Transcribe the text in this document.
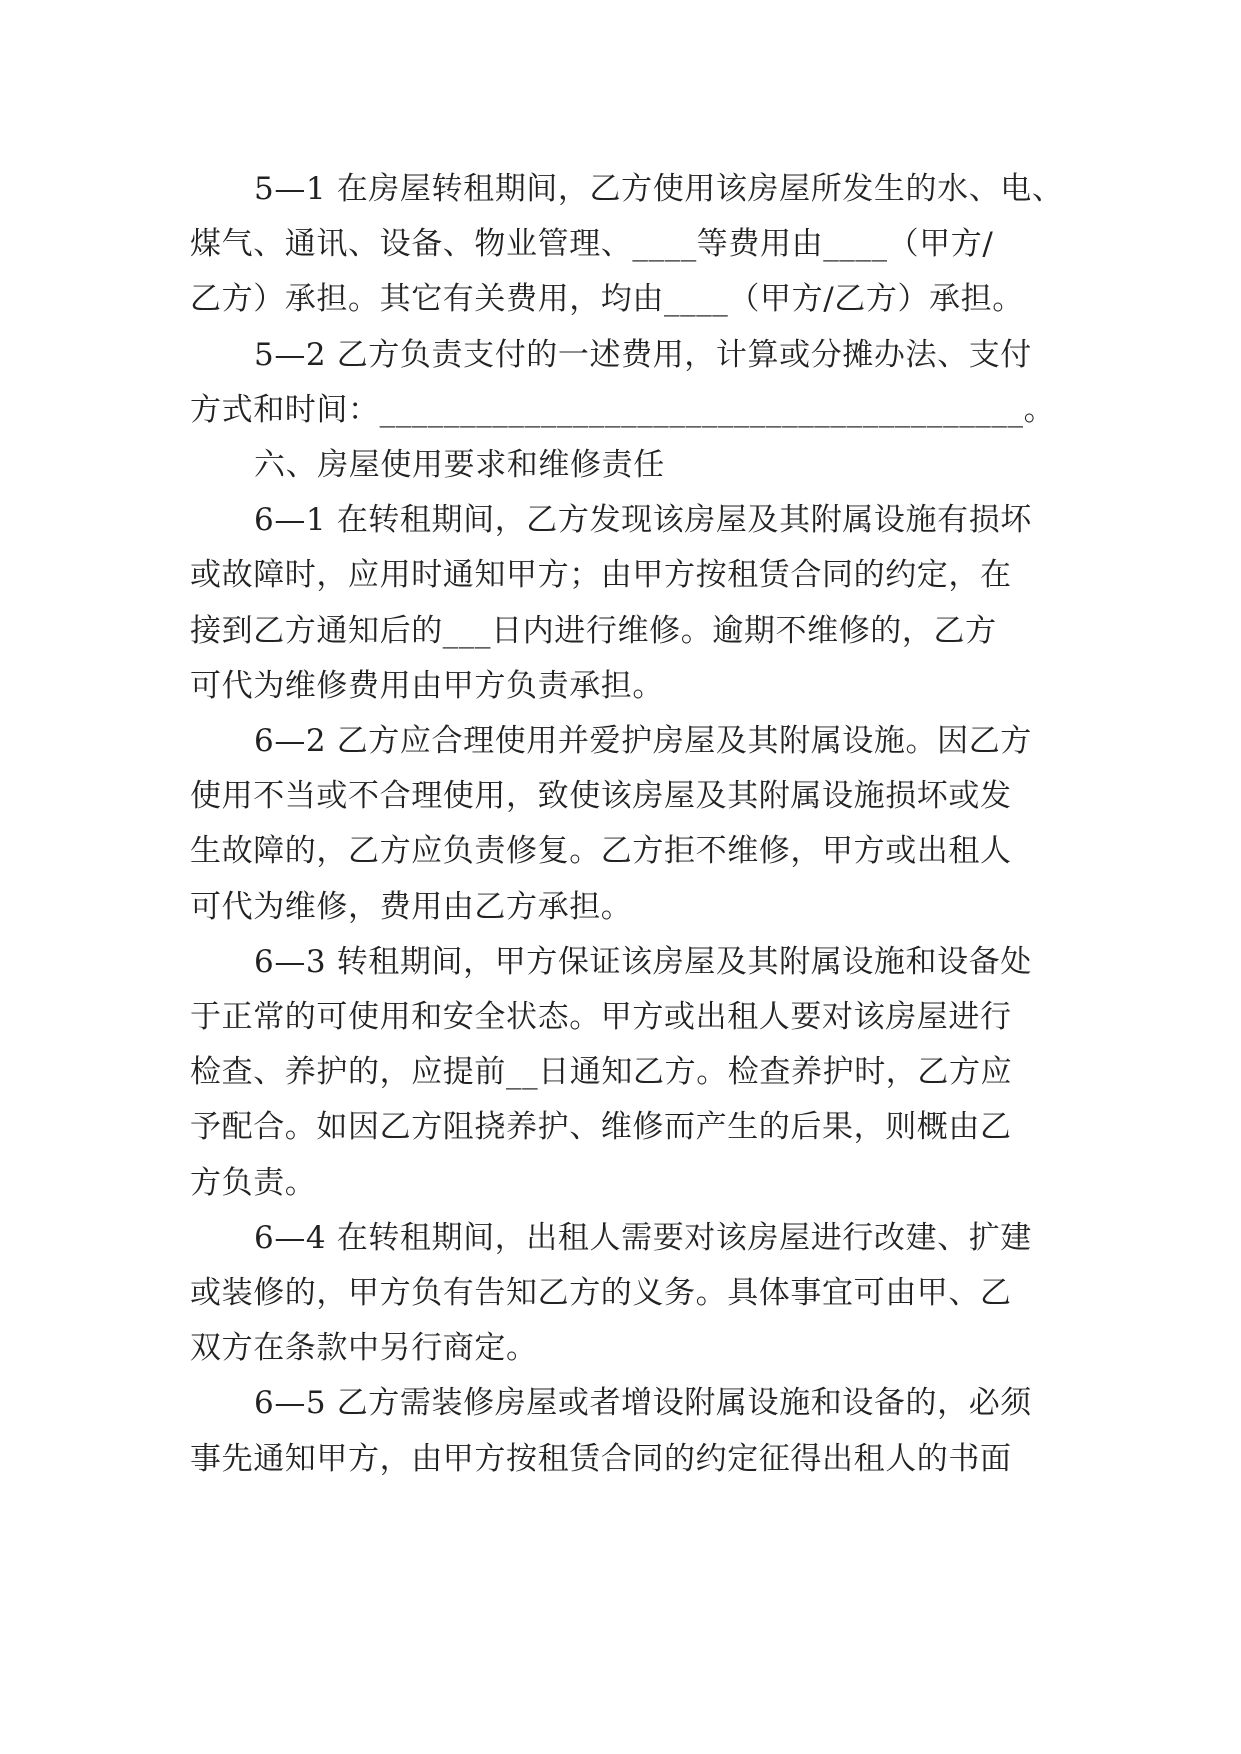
5—1 在房屋转租期间，乙方使用该房屋所发生的水、电、
煤气、通讯、设备、物业管理、____等费用由____（甲方/
乙方）承担。其它有关费用，均由____（甲方/乙方）承担。

5—2 乙方负责支付的一述费用，计算或分摊办法、支付
方式和时间：________________________________________。

六、房屋使用要求和维修责任

6—1 在转租期间，乙方发现该房屋及其附属设施有损坏
或故障时，应用时通知甲方；由甲方按租赁合同的约定，在
接到乙方通知后的___日内进行维修。逾期不维修的，乙方
可代为维修费用由甲方负责承担。

6—2 乙方应合理使用并爱护房屋及其附属设施。因乙方
使用不当或不合理使用，致使该房屋及其附属设施损坏或发
生故障的，乙方应负责修复。乙方拒不维修，甲方或出租人
可代为维修，费用由乙方承担。

6—3 转租期间，甲方保证该房屋及其附属设施和设备处
于正常的可使用和安全状态。甲方或出租人要对该房屋进行
检查、养护的，应提前__日通知乙方。检查养护时，乙方应
予配合。如因乙方阻挠养护、维修而产生的后果，则概由乙
方负责。

6—4 在转租期间，出租人需要对该房屋进行改建、扩建
或装修的，甲方负有告知乙方的义务。具体事宜可由甲、乙
双方在条款中另行商定。

6—5 乙方需装修房屋或者增设附属设施和设备的，必须
事先通知甲方，由甲方按租赁合同的约定征得出租人的书面
